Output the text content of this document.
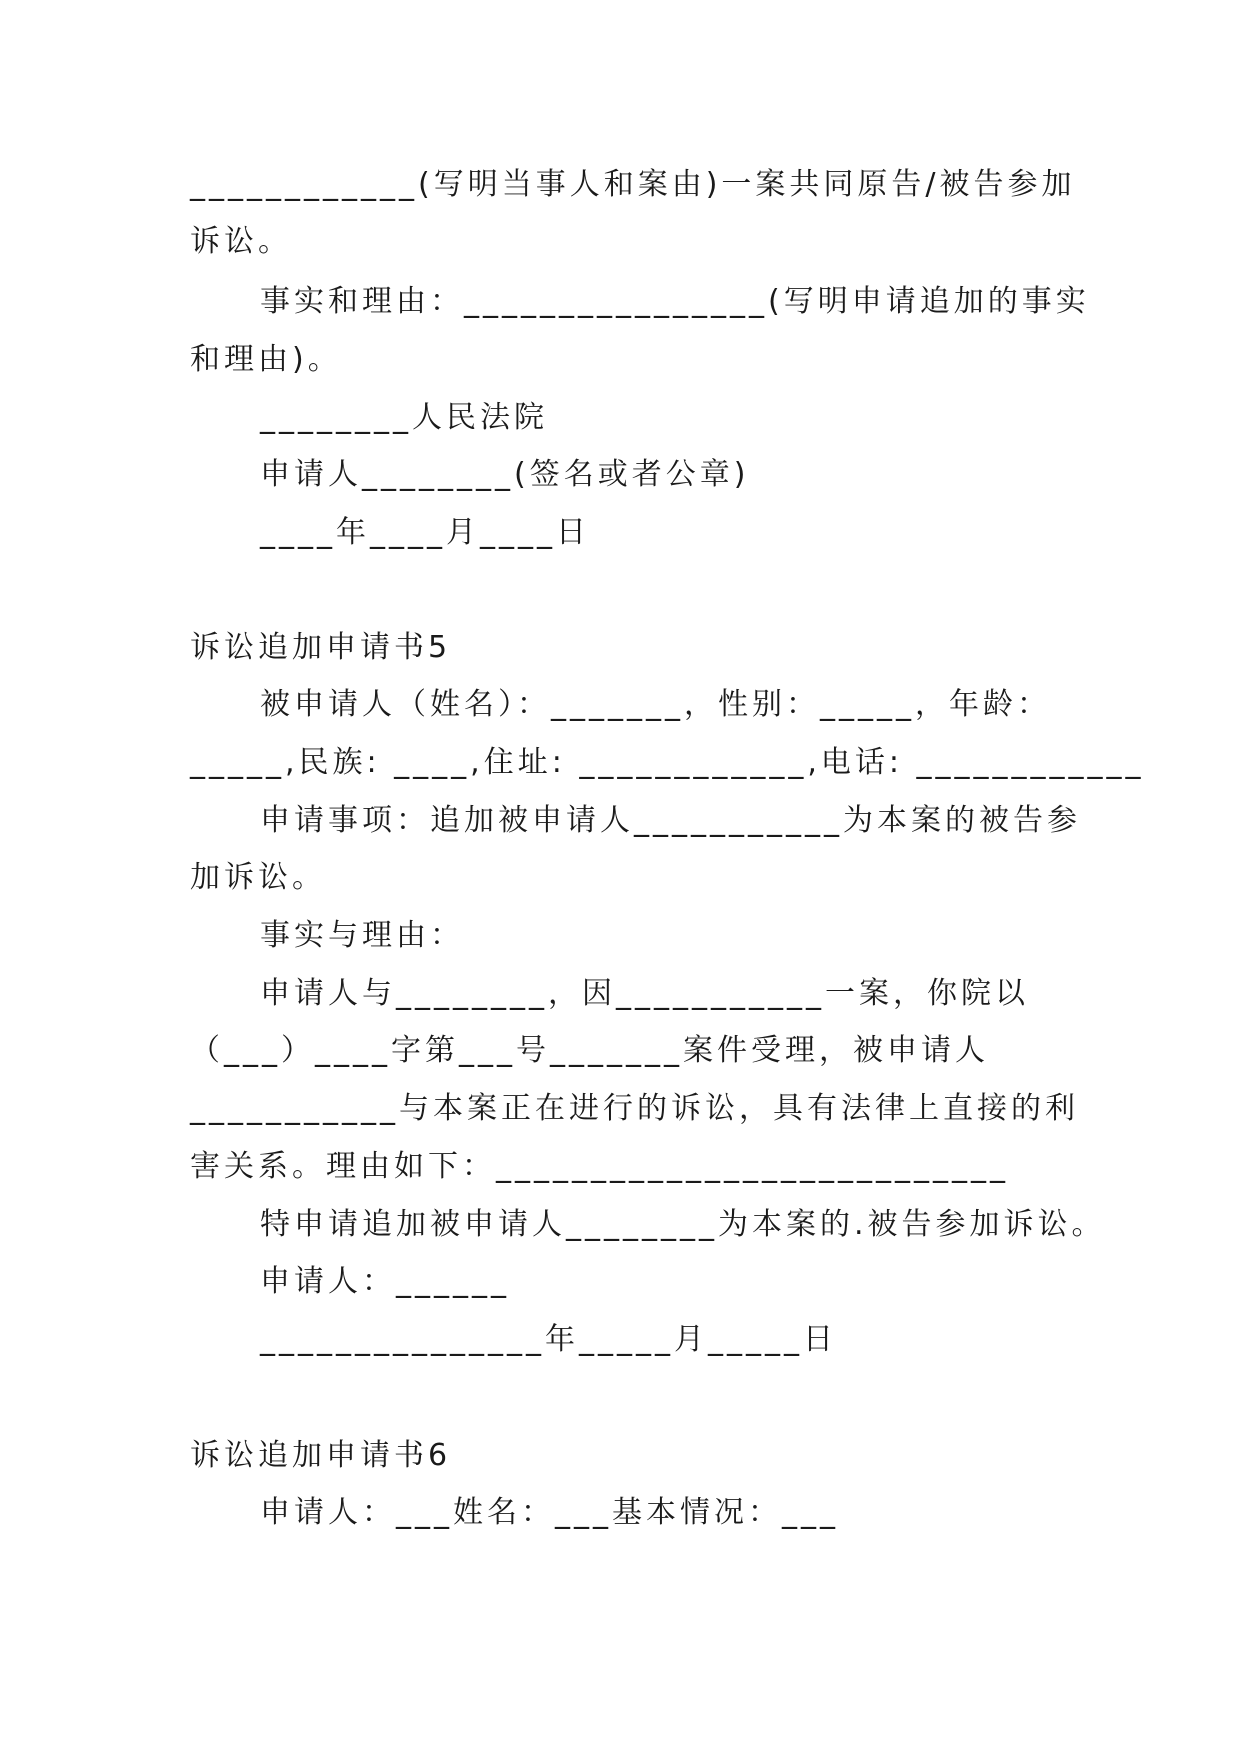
____________(写明当事人和案由)一案共同原告/被告参加
诉讼。
事实和理由：________________(写明申请追加的事实
和理由)。
________人民法院
申请人________(签名或者公章)
____年____月____日
诉讼追加申请书5
被申请人（姓名）：_______，性别：_____，年龄：
_____,民族: ____,住址: ____________,电话: ____________
申请事项：追加被申请人___________为本案的被告参
加诉讼。
事实与理由：
申请人与________，因___________一案，你院以
（___）____字第___号_______案件受理，被申请人
___________与本案正在进行的诉讼，具有法律上直接的利
害关系。理由如下：___________________________
特申请追加被申请人________为本案的.被告参加诉讼。
申请人：______
_______________年_____月_____日
诉讼追加申请书6
申请人：___姓名：___基本情况：___
